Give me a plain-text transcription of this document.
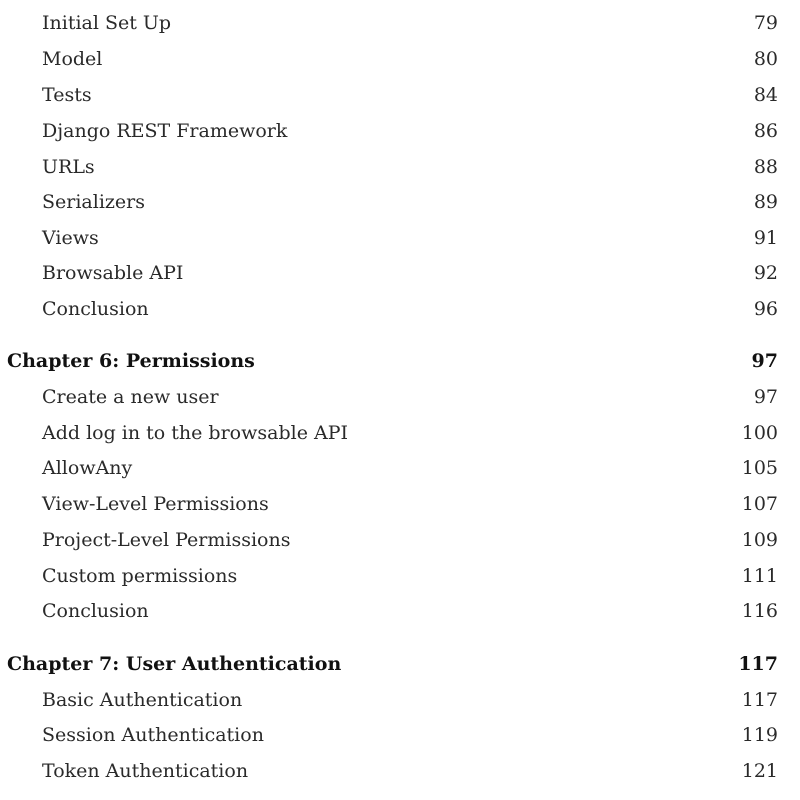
Initial Set Up	79
Model	80
Tests	84
Django REST Framework	86
URLs	88
Serializers	89
Views	91
Browsable API	92
Conclusion	96
Chapter 6: Permissions	97
Create a new user	97
Add log in to the browsable API	100
AllowAny	105
View-Level Permissions	107
Project-Level Permissions	109
Custom permissions	111
Conclusion	116
Chapter 7: User Authentication	117
Basic Authentication	117
Session Authentication	119
Token Authentication	121
